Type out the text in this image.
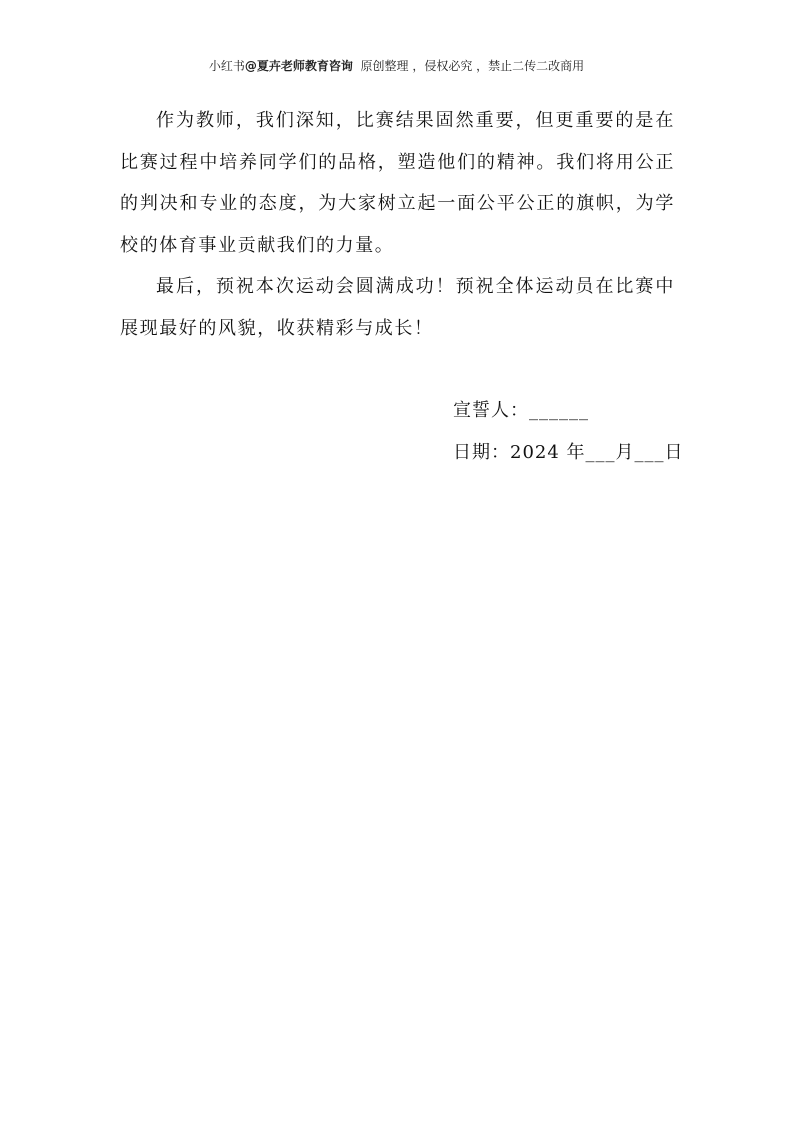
小红书@夏卉老师教育咨询 原创整理 ，侵权必究 ，禁止二传二改商用

作为教师，我们深知，比赛结果固然重要，但更重要的是在比赛过程中培养同学们的品格，塑造他们的精神。我们将用公正的判决和专业的态度，为大家树立起一面公平公正的旗帜，为学校的体育事业贡献我们的力量。

最后，预祝本次运动会圆满成功！预祝全体运动员在比赛中展现最好的风貌，收获精彩与成长！

宣誓人：______
日期：2024 年___月___日
